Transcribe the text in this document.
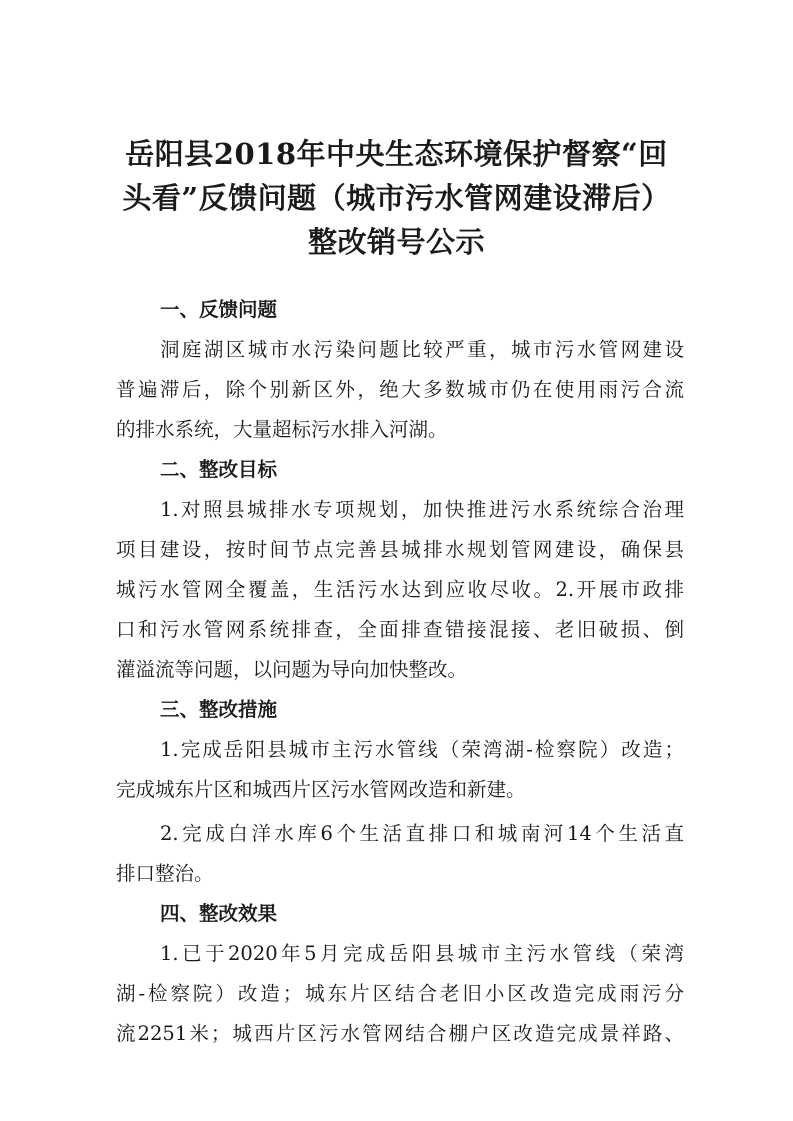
岳阳县2018年中央生态环境保护督察“回
头看”反馈问题（城市污水管网建设滞后）
整改销号公示
一、反馈问题
洞庭湖区城市水污染问题比较严重，城市污水管网建设
普遍滞后，除个别新区外，绝大多数城市仍在使用雨污合流
的排水系统，大量超标污水排入河湖。
二、整改目标
1.对照县城排水专项规划，加快推进污水系统综合治理
项目建设，按时间节点完善县城排水规划管网建设，确保县
城污水管网全覆盖，生活污水达到应收尽收。2.开展市政排
口和污水管网系统排查，全面排查错接混接、老旧破损、倒
灌溢流等问题，以问题为导向加快整改。
三、整改措施
1.完成岳阳县城市主污水管线（荣湾湖-检察院）改造；
完成城东片区和城西片区污水管网改造和新建。
2.完成白洋水库6个生活直排口和城南河14个生活直
排口整治。
四、整改效果
1.已于2020年5月完成岳阳县城市主污水管线（荣湾
湖-检察院）改造；城东片区结合老旧小区改造完成雨污分
流2251米；城西片区污水管网结合棚户区改造完成景祥路、
